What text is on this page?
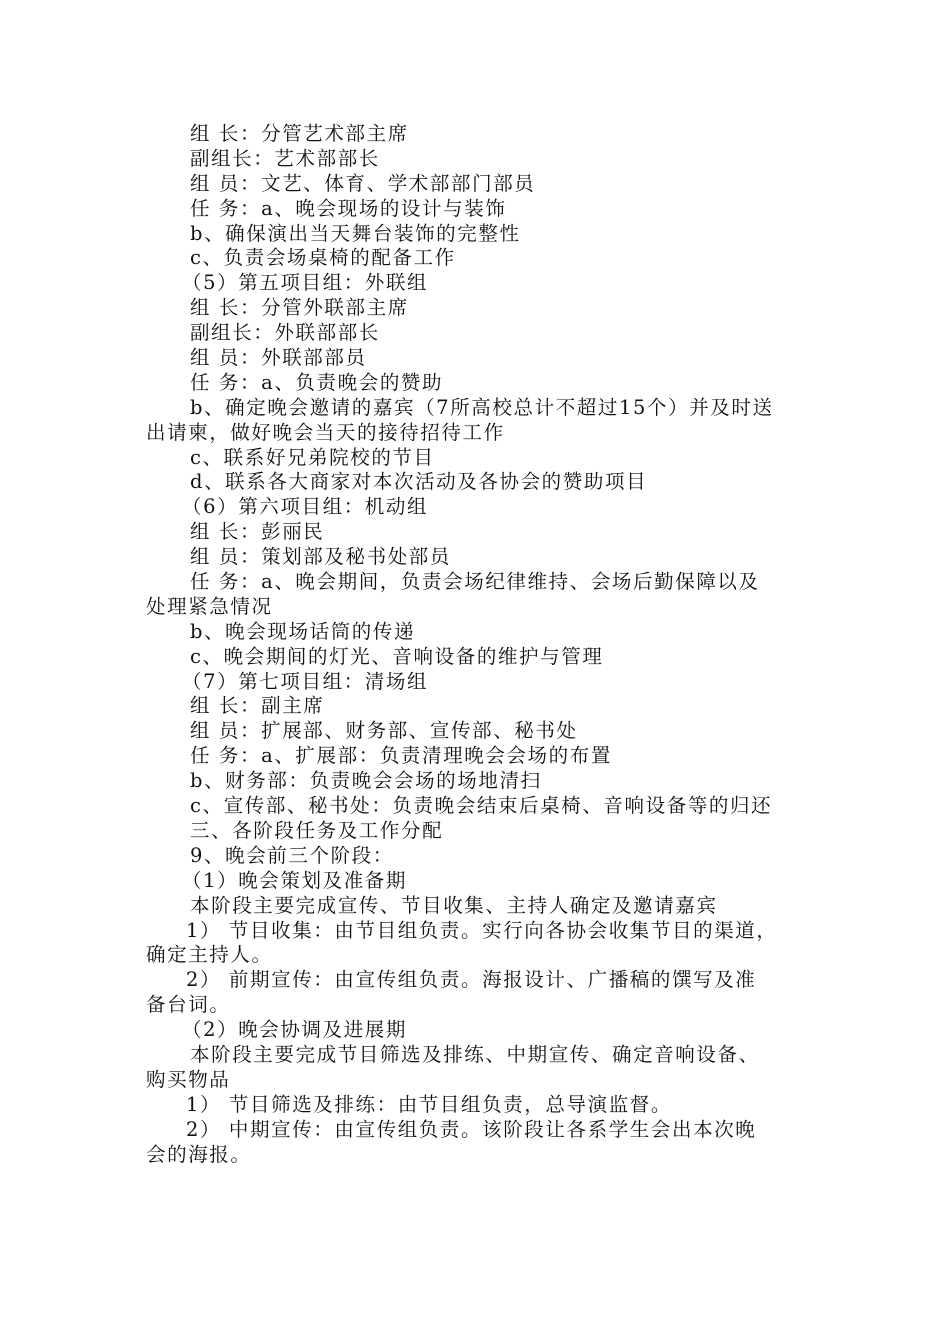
组 长：分管艺术部主席
副组长：艺术部部长
组 员：文艺、体育、学术部部门部员
任 务：a、晚会现场的设计与装饰
b、确保演出当天舞台装饰的完整性
c、负责会场桌椅的配备工作
（5）第五项目组：外联组
组 长：分管外联部主席
副组长：外联部部长
组 员：外联部部员
任 务：a、负责晚会的赞助
b、确定晚会邀请的嘉宾（7所高校总计不超过15个）并及时送
出请柬，做好晚会当天的接待招待工作
c、联系好兄弟院校的节目
d、联系各大商家对本次活动及各协会的赞助项目
（6）第六项目组：机动组
组 长：彭丽民
组 员：策划部及秘书处部员
任 务：a、晚会期间，负责会场纪律维持、会场后勤保障以及
处理紧急情况
b、晚会现场话筒的传递
c、晚会期间的灯光、音响设备的维护与管理
（7）第七项目组：清场组
组 长：副主席
组 员：扩展部、财务部、宣传部、秘书处
任 务：a、扩展部：负责清理晚会会场的布置
b、财务部：负责晚会会场的场地清扫
c、宣传部、秘书处：负责晚会结束后桌椅、音响设备等的归还
三、各阶段任务及工作分配
9、晚会前三个阶段：
（1）晚会策划及准备期
本阶段主要完成宣传、节目收集、主持人确定及邀请嘉宾
1） 节目收集：由节目组负责。实行向各协会收集节目的渠道，
确定主持人。
2） 前期宣传：由宣传组负责。海报设计、广播稿的馔写及准
备台词。
（2）晚会协调及进展期
本阶段主要完成节目筛选及排练、中期宣传、确定音响设备、
购买物品
1） 节目筛选及排练：由节目组负责，总导演监督。
2） 中期宣传：由宣传组负责。该阶段让各系学生会出本次晚
会的海报。
